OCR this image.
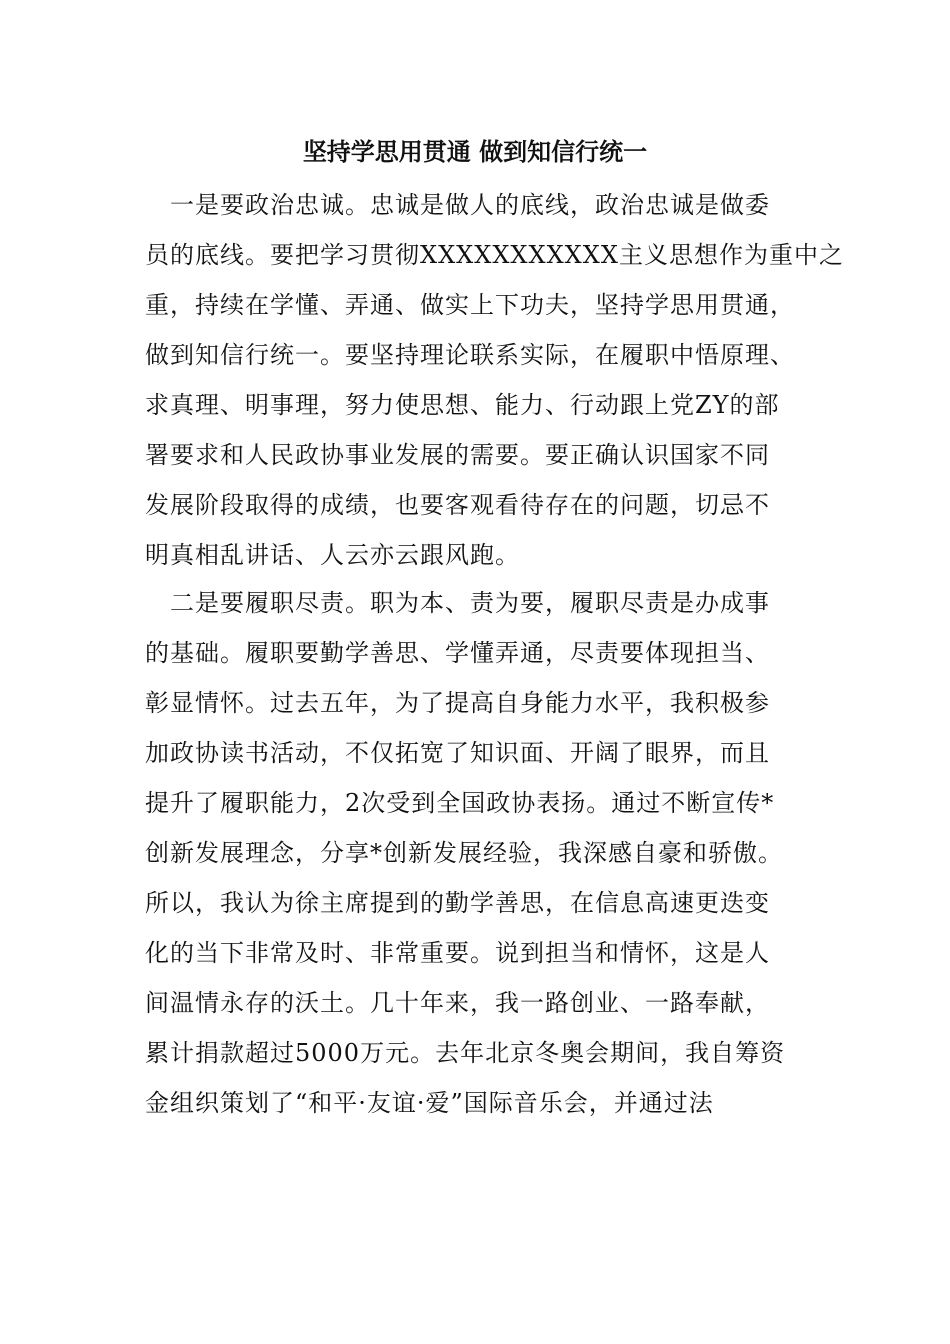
坚持学思用贯通 做到知信行统一
　一是要政治忠诚。忠诚是做人的底线，政治忠诚是做委
员的底线。要把学习贯彻XXXXXXXXXXX主义思想作为重中之
重，持续在学懂、弄通、做实上下功夫，坚持学思用贯通，
做到知信行统一。要坚持理论联系实际，在履职中悟原理、
求真理、明事理，努力使思想、能力、行动跟上党ZY的部
署要求和人民政协事业发展的需要。要正确认识国家不同
发展阶段取得的成绩，也要客观看待存在的问题，切忌不
明真相乱讲话、人云亦云跟风跑。
　二是要履职尽责。职为本、责为要，履职尽责是办成事
的基础。履职要勤学善思、学懂弄通，尽责要体现担当、
彰显情怀。过去五年，为了提高自身能力水平，我积极参
加政协读书活动，不仅拓宽了知识面、开阔了眼界，而且
提升了履职能力，2次受到全国政协表扬。通过不断宣传*
创新发展理念，分享*创新发展经验，我深感自豪和骄傲。
所以，我认为徐主席提到的勤学善思，在信息高速更迭变
化的当下非常及时、非常重要。说到担当和情怀，这是人
间温情永存的沃土。几十年来，我一路创业、一路奉献，
累计捐款超过5000万元。去年北京冬奥会期间，我自筹资
金组织策划了“和平·友谊·爱”国际音乐会，并通过法
